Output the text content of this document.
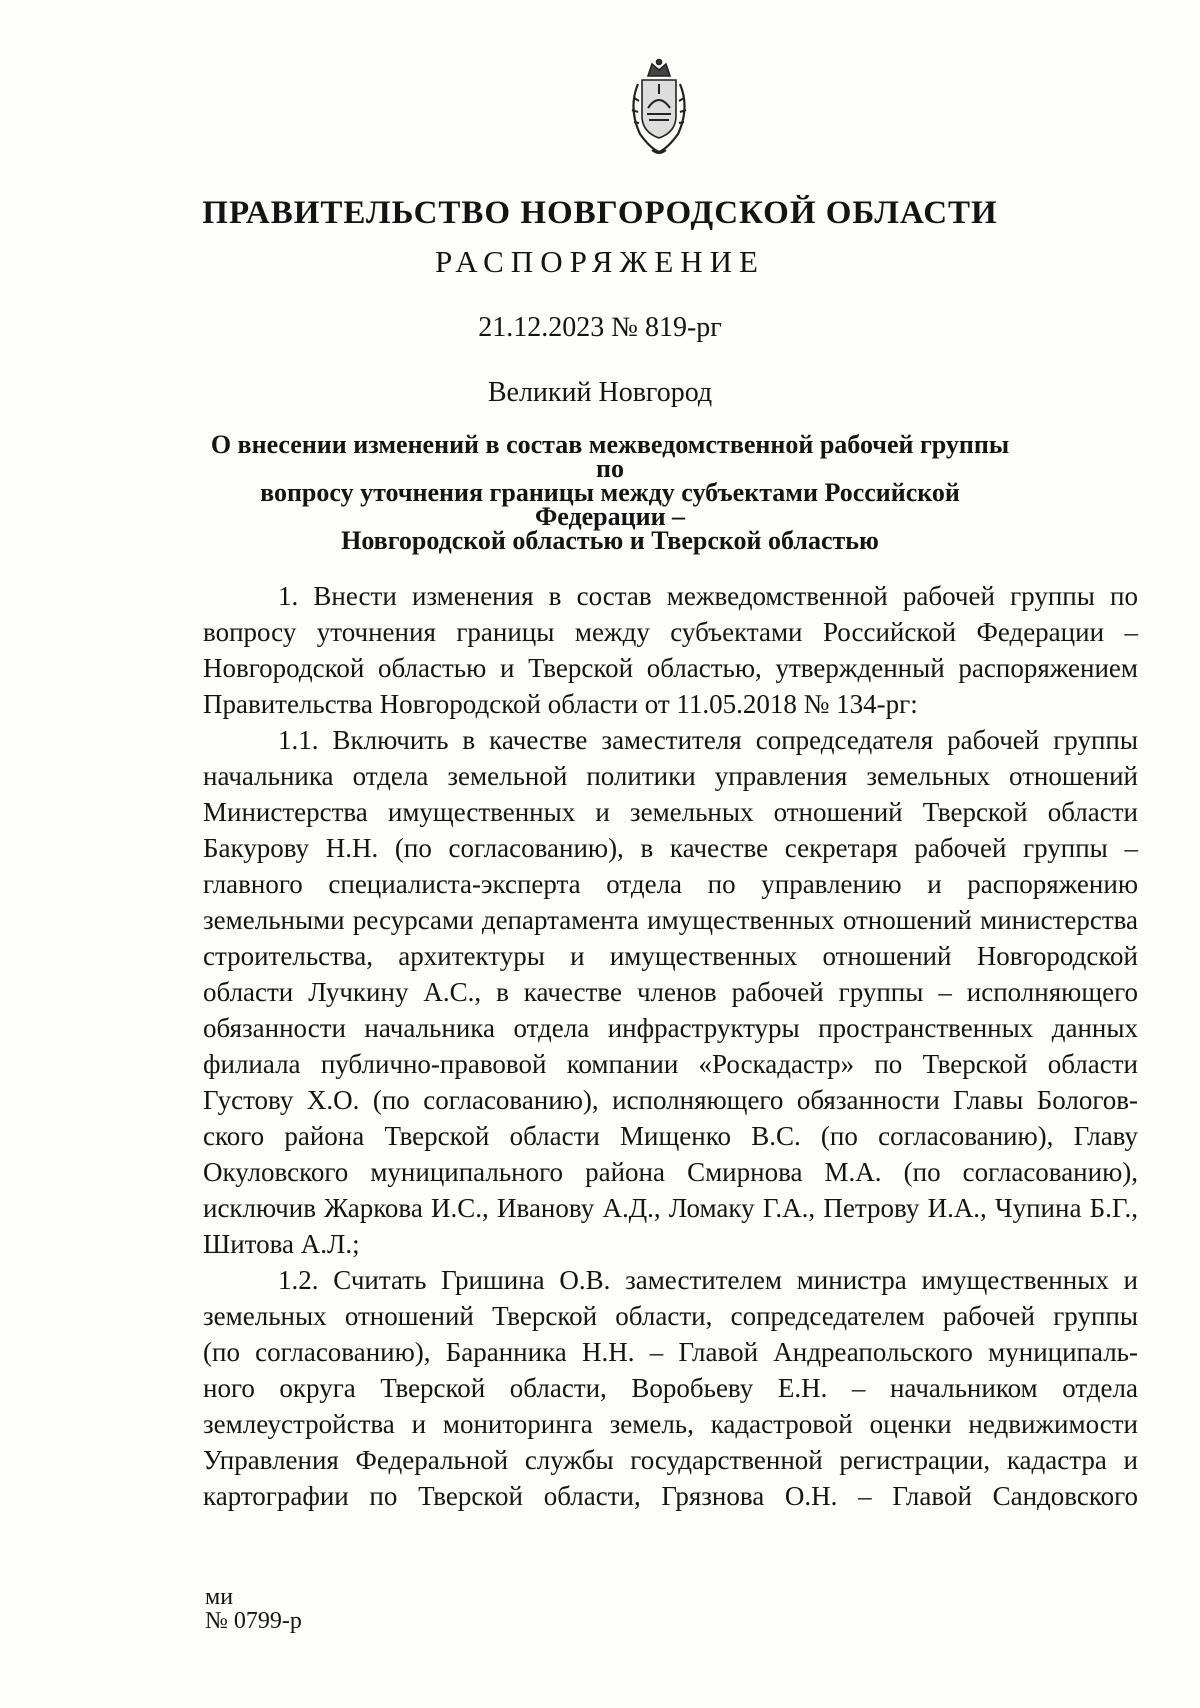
ПРАВИТЕЛЬСТВО НОВГОРОДСКОЙ ОБЛАСТИ
РАСПОРЯЖЕНИЕ
21.12.2023 № 819-рг
Великий Новгород
О внесении изменений в состав межведомственной рабочей группы по
вопросу уточнения границы между субъектами Российской Федерации –
Новгородской областью и Тверской областью
1. Внести изменения в состав межведомственной рабочей группы по
вопросу уточнения границы между субъектами Российской Федерации –
Новгородской областью и Тверской областью, утвержденный распоряжением
Правительства Новгородской области от 11.05.2018 № 134-рг:
1.1. Включить в качестве заместителя сопредседателя рабочей группы
начальника отдела земельной политики управления земельных отношений
Министерства имущественных и земельных отношений Тверской области
Бакурову Н.Н. (по согласованию), в качестве секретаря рабочей группы –
главного специалиста-эксперта отдела по управлению и распоряжению
земельными ресурсами департамента имущественных отношений министерства
строительства, архитектуры и имущественных отношений Новгородской
области Лучкину А.С., в качестве членов рабочей группы – исполняющего
обязанности начальника отдела инфраструктуры пространственных данных
филиала публично-правовой компании «Роскадастр» по Тверской области
Густову Х.О. (по согласованию), исполняющего обязанности Главы Бологов-
ского района Тверской области Мищенко В.С. (по согласованию), Главу
Окуловского муниципального района Смирнова М.А. (по согласованию),
исключив Жаркова И.С., Иванову А.Д., Ломаку Г.А., Петрову И.А., Чупина Б.Г.,
Шитова А.Л.;
1.2. Считать Гришина О.В. заместителем министра имущественных и
земельных отношений Тверской области, сопредседателем рабочей группы
(по согласованию), Баранника Н.Н. – Главой Андреапольского муниципаль-
ного округа Тверской области, Воробьеву Е.Н. – начальником отдела
землеустройства и мониторинга земель, кадастровой оценки недвижимости
Управления Федеральной службы государственной регистрации, кадастра и
картографии по Тверской области, Грязнова О.Н. – Главой Сандовского
ми
№ 0799-р
